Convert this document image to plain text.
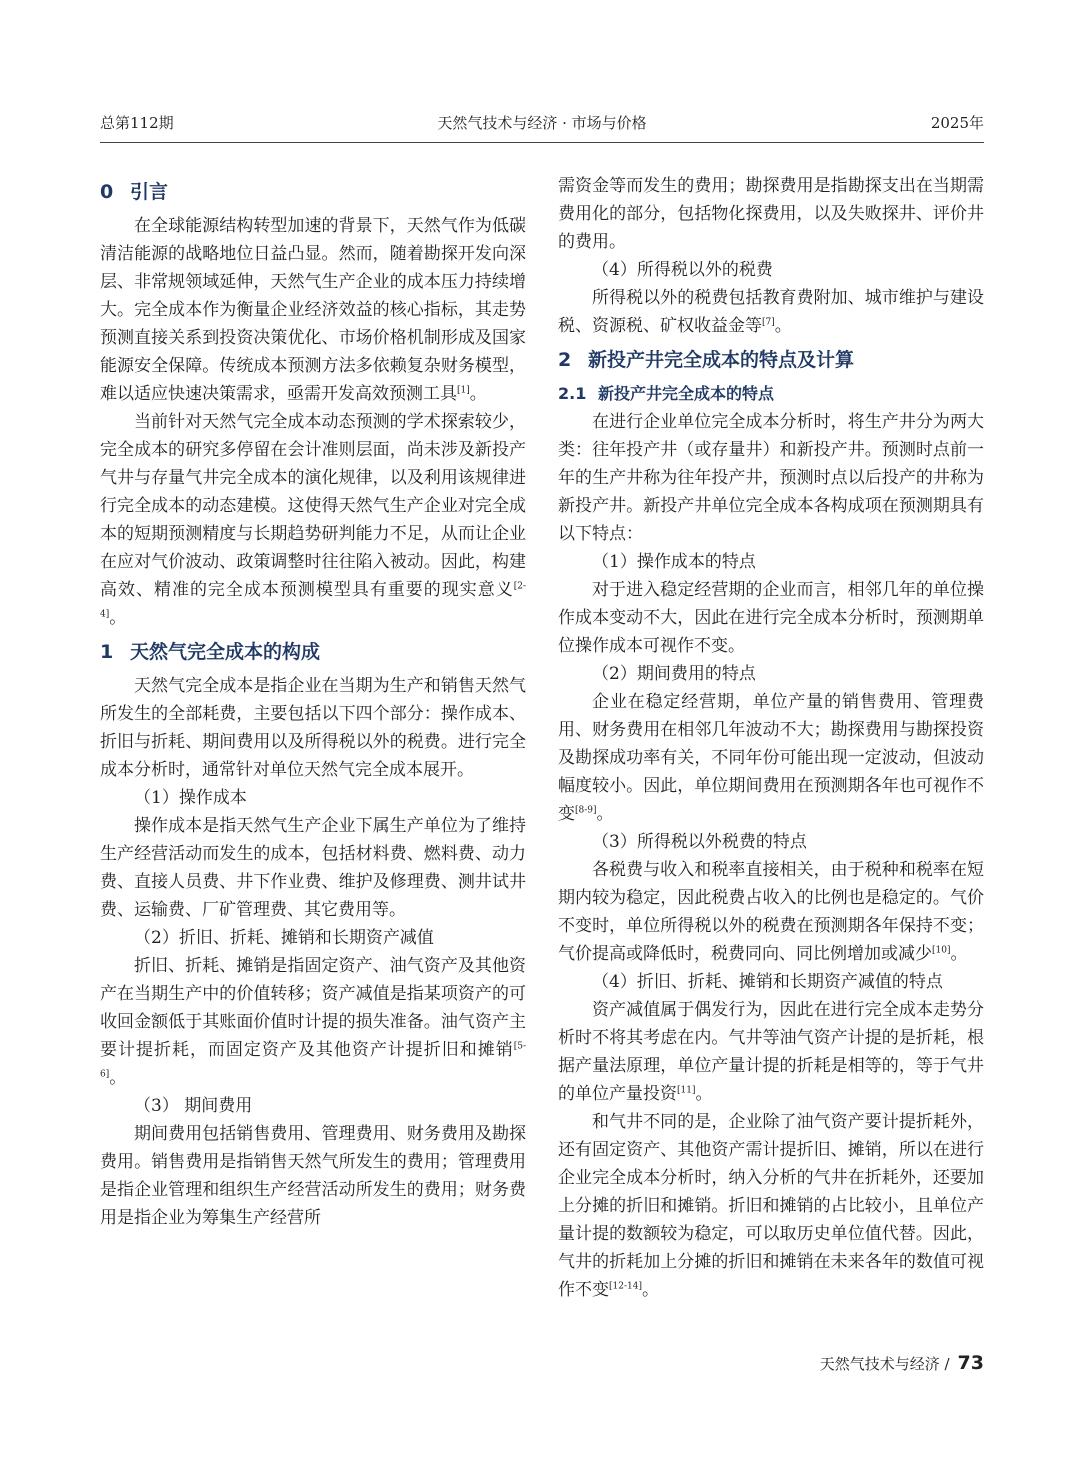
总第112期	天然气技术与经济 · 市场与价格	2025年

0 引言

在全球能源结构转型加速的背景下，天然气作为低碳清洁能源的战略地位日益凸显。然而，随着勘探开发向深层、非常规领域延伸，天然气生产企业的成本压力持续增大。完全成本作为衡量企业经济效益的核心指标，其走势预测直接关系到投资决策优化、市场价格机制形成及国家能源安全保障。传统成本预测方法多依赖复杂财务模型，难以适应快速决策需求，亟需开发高效预测工具[1]。

当前针对天然气完全成本动态预测的学术探索较少，完全成本的研究多停留在会计准则层面，尚未涉及新投产气井与存量气井完全成本的演化规律，以及利用该规律进行完全成本的动态建模。这使得天然气生产企业对完全成本的短期预测精度与长期趋势研判能力不足，从而让企业在应对气价波动、政策调整时往往陷入被动。因此，构建高效、精准的完全成本预测模型具有重要的现实意义[2-4]。

1 天然气完全成本的构成

天然气完全成本是指企业在当期为生产和销售天然气所发生的全部耗费，主要包括以下四个部分：操作成本、折旧与折耗、期间费用以及所得税以外的税费。进行完全成本分析时，通常针对单位天然气完全成本展开。

（1）操作成本

操作成本是指天然气生产企业下属生产单位为了维持生产经营活动而发生的成本，包括材料费、燃料费、动力费、直接人员费、井下作业费、维护及修理费、测井试井费、运输费、厂矿管理费、其它费用等。

（2）折旧、折耗、摊销和长期资产减值

折旧、折耗、摊销是指固定资产、油气资产及其他资产在当期生产中的价值转移；资产减值是指某项资产的可收回金额低于其账面价值时计提的损失准备。油气资产主要计提折耗，而固定资产及其他资产计提折旧和摊销[5-6]。

（3） 期间费用

期间费用包括销售费用、管理费用、财务费用及勘探费用。销售费用是指销售天然气所发生的费用；管理费用是指企业管理和组织生产经营活动所发生的费用；财务费用是指企业为筹集生产经营所

需资金等而发生的费用；勘探费用是指勘探支出在当期需费用化的部分，包括物化探费用，以及失败探井、评价井的费用。

（4）所得税以外的税费

所得税以外的税费包括教育费附加、城市维护与建设税、资源税、矿权收益金等[7]。

2 新投产井完全成本的特点及计算

2.1 新投产井完全成本的特点

在进行企业单位完全成本分析时，将生产井分为两大类：往年投产井（或存量井）和新投产井。预测时点前一年的生产井称为往年投产井，预测时点以后投产的井称为新投产井。新投产井单位完全成本各构成项在预测期具有以下特点：

（1）操作成本的特点

对于进入稳定经营期的企业而言，相邻几年的单位操作成本变动不大，因此在进行完全成本分析时，预测期单位操作成本可视作不变。

（2）期间费用的特点

企业在稳定经营期，单位产量的销售费用、管理费用、财务费用在相邻几年波动不大；勘探费用与勘探投资及勘探成功率有关，不同年份可能出现一定波动，但波动幅度较小。因此，单位期间费用在预测期各年也可视作不变[8-9]。

（3）所得税以外税费的特点

各税费与收入和税率直接相关，由于税种和税率在短期内较为稳定，因此税费占收入的比例也是稳定的。气价不变时，单位所得税以外的税费在预测期各年保持不变；气价提高或降低时，税费同向、同比例增加或减少[10]。

（4）折旧、折耗、摊销和长期资产减值的特点

资产减值属于偶发行为，因此在进行完全成本走势分析时不将其考虑在内。气井等油气资产计提的是折耗，根据产量法原理，单位产量计提的折耗是相等的，等于气井的单位产量投资[11]。

和气井不同的是，企业除了油气资产要计提折耗外，还有固定资产、其他资产需计提折旧、摊销，所以在进行企业完全成本分析时，纳入分析的气井在折耗外，还要加上分摊的折旧和摊销。折旧和摊销的占比较小，且单位产量计提的数额较为稳定，可以取历史单位值代替。因此，气井的折耗加上分摊的折旧和摊销在未来各年的数值可视作不变[12-14]。

天然气技术与经济 / 73
